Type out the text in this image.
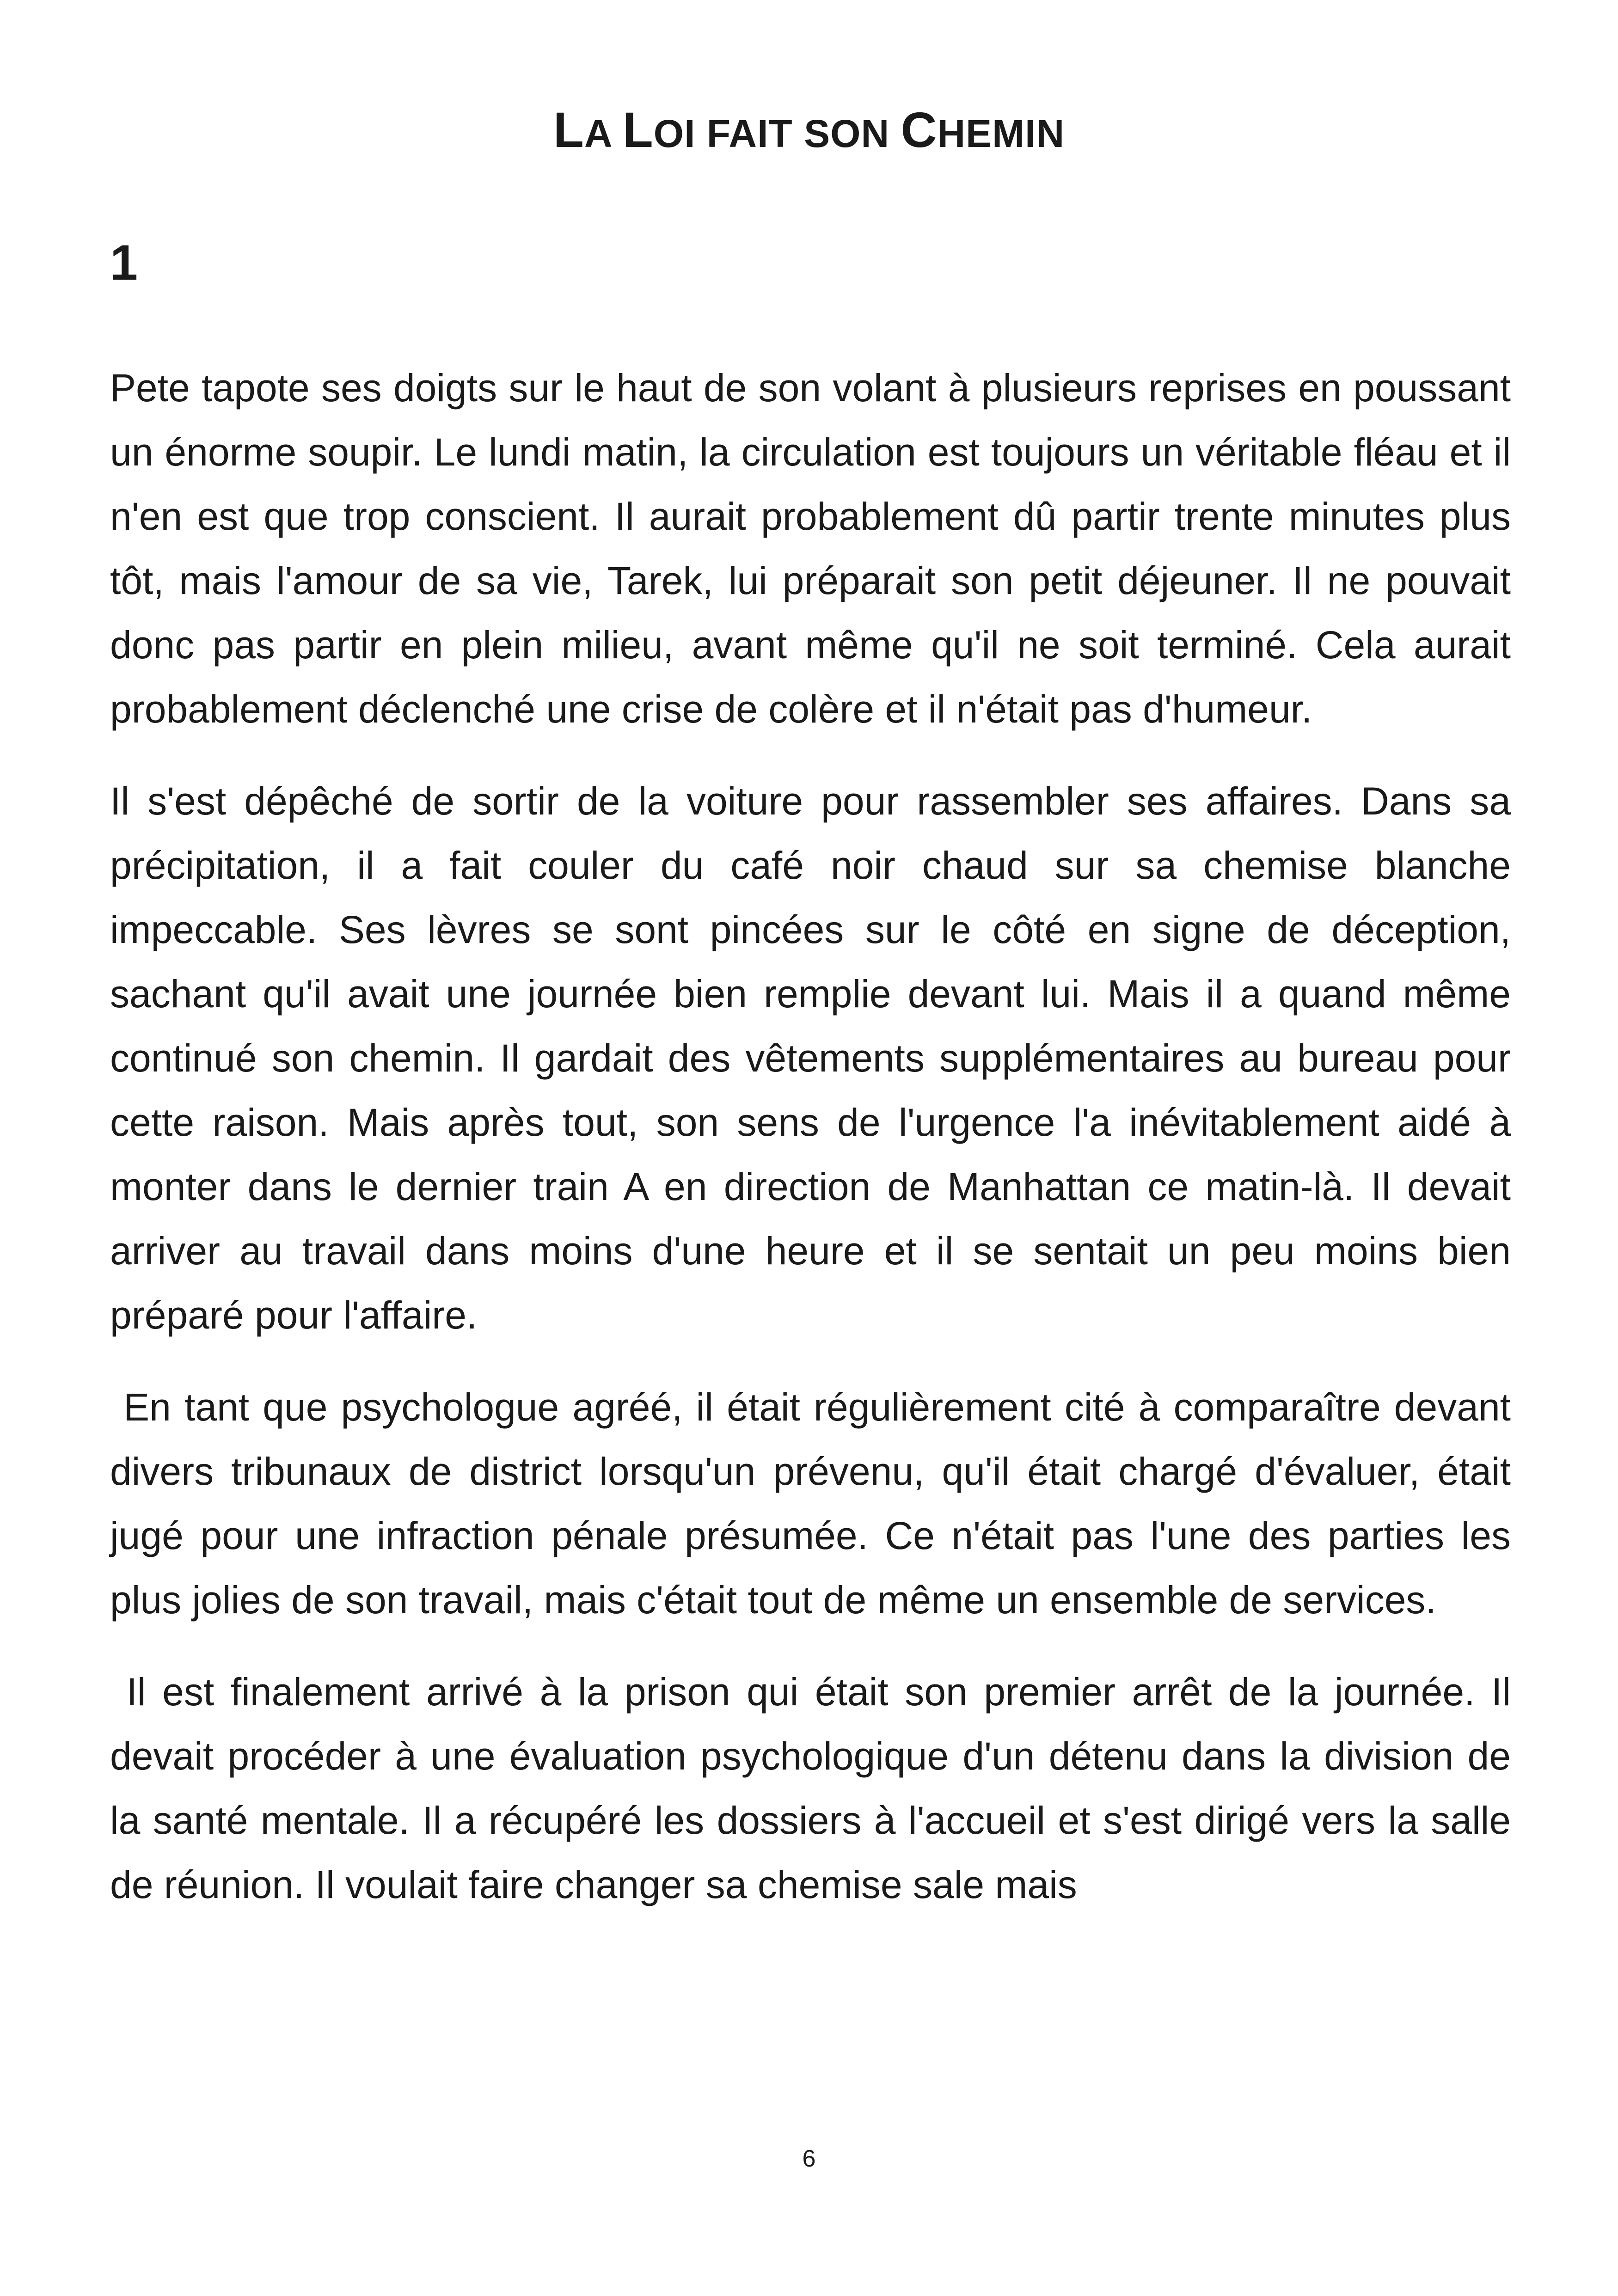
LA LOI FAIT SON CHEMIN
1

Pete tapote ses doigts sur le haut de son volant à plusieurs reprises en poussant un énorme soupir. Le lundi matin, la circulation est toujours un véritable fléau et il n'en est que trop conscient. Il aurait probablement dû partir trente minutes plus tôt, mais l'amour de sa vie, Tarek, lui préparait son petit déjeuner. Il ne pouvait donc pas partir en plein milieu, avant même qu'il ne soit terminé. Cela aurait probablement déclenché une crise de colère et il n'était pas d'humeur.

Il s'est dépêché de sortir de la voiture pour rassembler ses affaires. Dans sa précipitation, il a fait couler du café noir chaud sur sa chemise blanche impeccable. Ses lèvres se sont pincées sur le côté en signe de déception, sachant qu'il avait une journée bien remplie devant lui. Mais il a quand même continué son chemin. Il gardait des vêtements supplémentaires au bureau pour cette raison. Mais après tout, son sens de l'urgence l'a inévitablement aidé à monter dans le dernier train A en direction de Manhattan ce matin-là. Il devait arriver au travail dans moins d'une heure et il se sentait un peu moins bien préparé pour l'affaire.

En tant que psychologue agréé, il était régulièrement cité à comparaître devant divers tribunaux de district lorsqu'un prévenu, qu'il était chargé d'évaluer, était jugé pour une infraction pénale présumée. Ce n'était pas l'une des parties les plus jolies de son travail, mais c'était tout de même un ensemble de services.

Il est finalement arrivé à la prison qui était son premier arrêt de la journée. Il devait procéder à une évaluation psychologique d'un détenu dans la division de la santé mentale. Il a récupéré les dossiers à l'accueil et s'est dirigé vers la salle de réunion. Il voulait faire changer sa chemise sale mais

6
